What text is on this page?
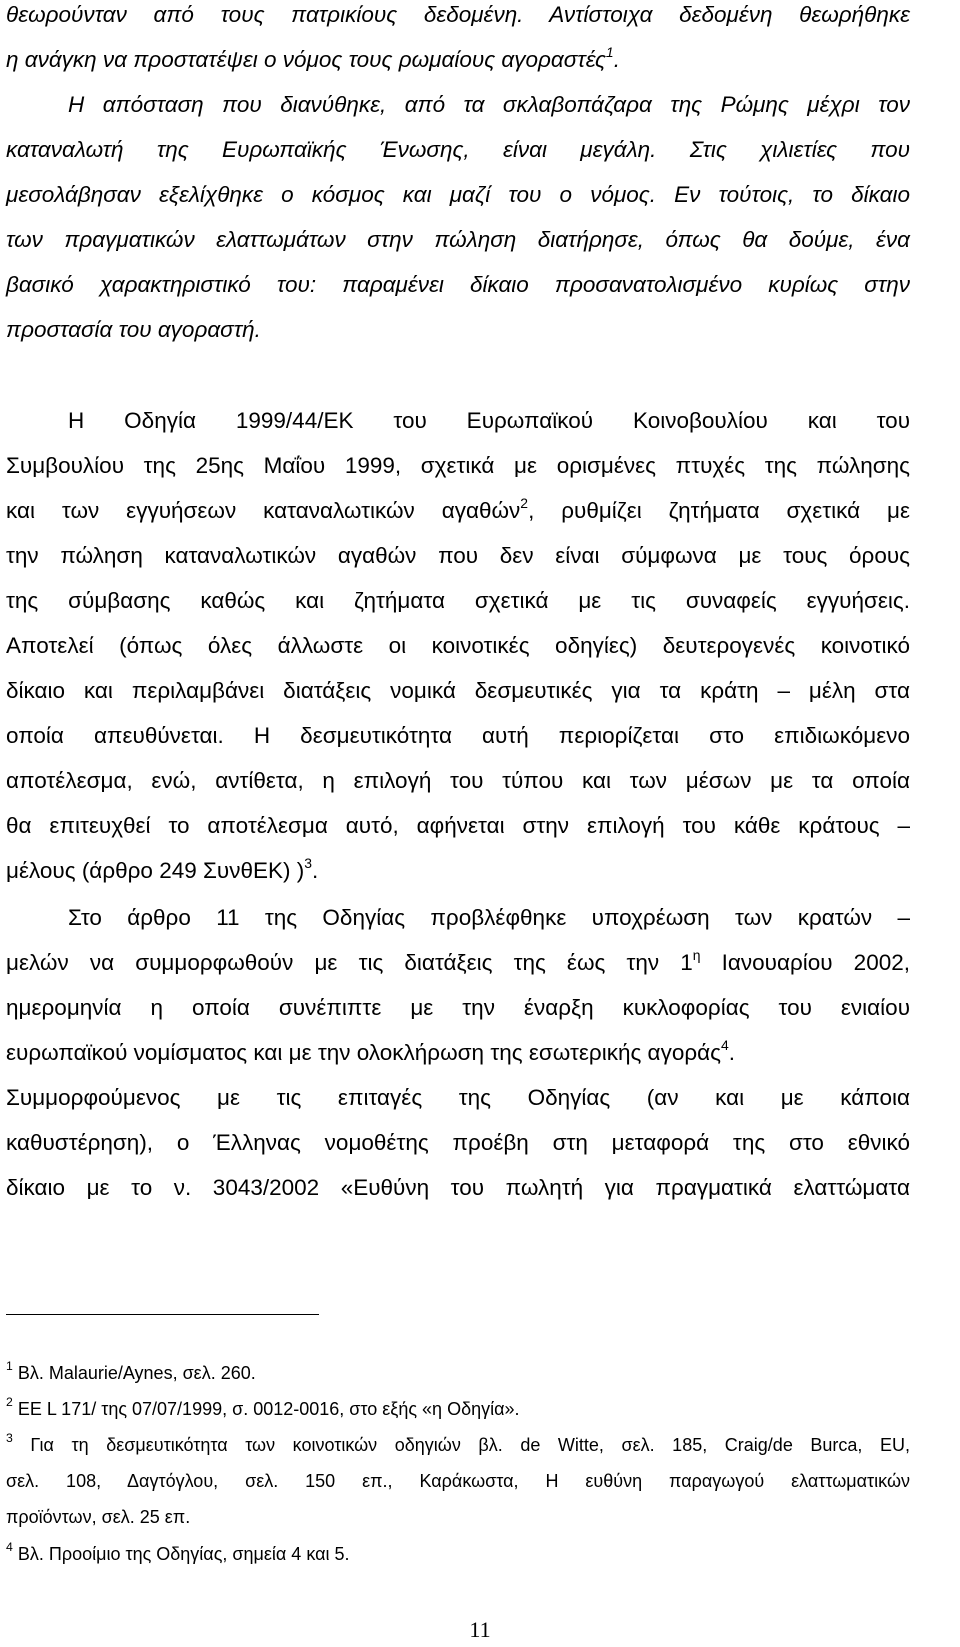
θεωρούνταν από τους πατρικίους δεδομένη. Αντίστοιχα δεδομένη θεωρήθηκε
η ανάγκη να προστατέψει ο νόμος τους ρωμαίους αγοραστές$^1$.
Η απόσταση που διανύθηκε, από τα σκλαβοπάζαρα της Ρώμης μέχρι τον
καταναλωτή της Ευρωπαϊκής Ένωσης, είναι μεγάλη. Στις χιλιετίες που
μεσολάβησαν εξελίχθηκε ο κόσμος και μαζί του ο νόμος. Εν τούτοις, το δίκαιο
των πραγματικών ελαττωμάτων στην πώληση διατήρησε, όπως θα δούμε, ένα
βασικό χαρακτηριστικό του: παραμένει δίκαιο προσανατολισμένο κυρίως στην
προστασία του αγοραστή.
Η Οδηγία 1999/44/ΕΚ του Ευρωπαϊκού Κοινοβουλίου και του
Συμβουλίου της 25ης Μαΐου 1999, σχετικά με ορισμένες πτυχές της πώλησης
και των εγγυήσεων καταναλωτικών αγαθών$^2$, ρυθμίζει ζητήματα σχετικά με
την πώληση καταναλωτικών αγαθών που δεν είναι σύμφωνα με τους όρους
της σύμβασης καθώς και ζητήματα σχετικά με τις συναφείς εγγυήσεις.
Αποτελεί (όπως όλες άλλωστε οι κοινοτικές οδηγίες) δευτερογενές κοινοτικό
δίκαιο και περιλαμβάνει διατάξεις νομικά δεσμευτικές για τα κράτη – μέλη στα
οποία απευθύνεται. Η δεσμευτικότητα αυτή περιορίζεται στο επιδιωκόμενο
αποτέλεσμα, ενώ, αντίθετα, η επιλογή του τύπου και των μέσων με τα οποία
θα επιτευχθεί το αποτέλεσμα αυτό, αφήνεται στην επιλογή του κάθε κράτους –
μέλους (άρθρο 249 ΣυνθΕΚ) )$^3$.
Στο άρθρο 11 της Οδηγίας προβλέφθηκε υποχρέωση των κρατών –
μελών να συμμορφωθούν με τις διατάξεις της έως την $1^\eta$ Ιανουαρίου 2002,
ημερομηνία η οποία συνέπιπτε με την έναρξη κυκλοφορίας του ενιαίου
ευρωπαϊκού νομίσματος και με την ολοκλήρωση της εσωτερικής αγοράς$^4$.
Συμμορφούμενος με τις επιταγές της Οδηγίας (αν και με κάποια
καθυστέρηση), ο Έλληνας νομοθέτης προέβη στη μεταφορά της στο εθνικό
δίκαιο με το ν. 3043/2002 «Ευθύνη του πωλητή για πραγματικά ελαττώματα
$^1$ Βλ. Malaurie/Aynes, σελ. 260.
$^2$ ΕΕ L 171/ της 07/07/1999, σ. 0012-0016, στο εξής «η Οδηγία».
$^3$ Για τη δεσμευτικότητα των κοινοτικών οδηγιών βλ. de Witte, σελ. 185, Craig/de Burca, EU,
σελ. 108, Δαγτόγλου, σελ. 150 επ., Καράκωστα, Η ευθύνη παραγωγού ελαττωματικών
προϊόντων, σελ. 25 επ.
$^4$ Βλ. Προοίμιο της Οδηγίας, σημεία 4 και 5.
11
